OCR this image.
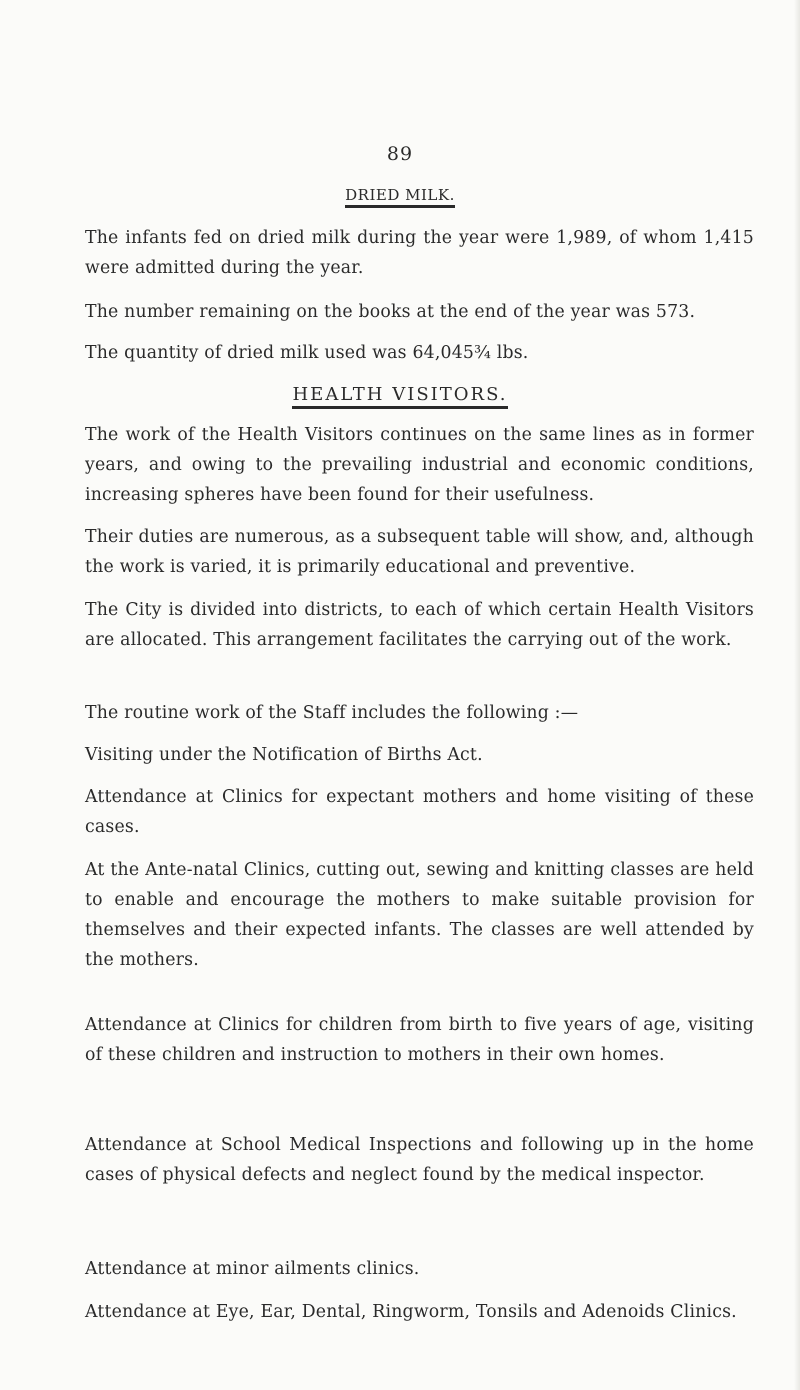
89
DRIED MILK.

The infants fed on dried milk during the year were 1,989, of whom 1,415 were admitted during the year.

The number remaining on the books at the end of the year was 573.

The quantity of dried milk used was 64,045¾ lbs.

HEALTH VISITORS.

The work of the Health Visitors continues on the same lines as in former years, and owing to the prevailing industrial and economic conditions, increasing spheres have been found for their usefulness.

Their duties are numerous, as a subsequent table will show, and, although the work is varied, it is primarily educational and preventive.

The City is divided into districts, to each of which certain Health Visitors are allocated. This arrangement facilitates the carrying out of the work.

The routine work of the Staff includes the following :—

Visiting under the Notification of Births Act.

Attendance at Clinics for expectant mothers and home visiting of these cases.

At the Ante-natal Clinics, cutting out, sewing and knitting classes are held to enable and encourage the mothers to make suitable provision for themselves and their expected infants. The classes are well attended by the mothers.

Attendance at Clinics for children from birth to five years of age, visiting of these children and instruction to mothers in their own homes.

Attendance at School Medical Inspections and following up in the home cases of physical defects and neglect found by the medical inspector.

Attendance at minor ailments clinics.

Attendance at Eye, Ear, Dental, Ringworm, Tonsils and Adenoids Clinics.
